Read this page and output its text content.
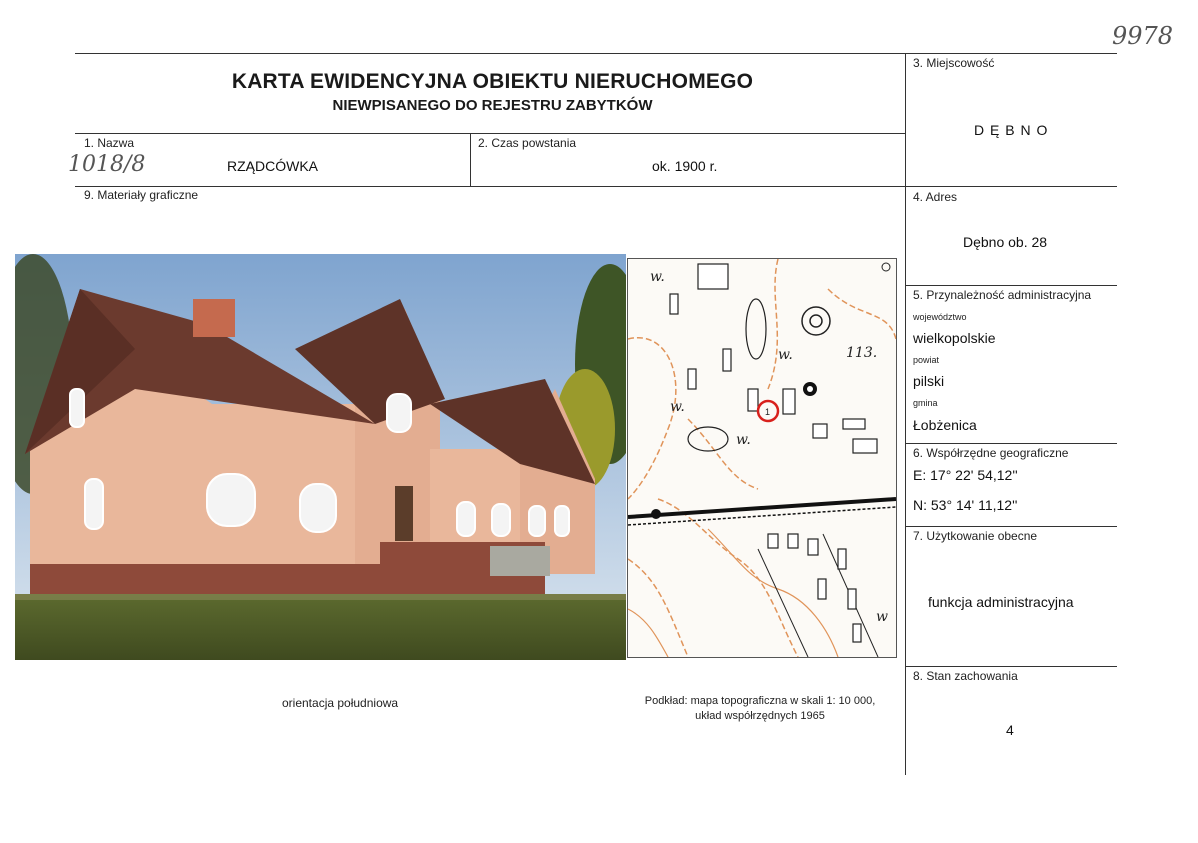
9978
1018/8
KARTA EWIDENCYJNA OBIEKTU NIERUCHOMEGO
NIEWPISANEGO DO REJESTRU ZABYTKÓW
1. Nazwa
RZĄDCÓWKA
2. Czas powstania
ok. 1900 r.
3. Miejscowość
D Ę B N O
4. Adres
Dębno ob. 28
5. Przynależność administracyjna
województwo
wielkopolskie
powiat
pilski
gmina
Łobżenica
6. Współrzędne geograficzne
E: 17° 22' 54,12''
N: 53° 14' 11,12''
7. Użytkowanie obecne
funkcja administracyjna
8. Stan zachowania
4
9. Materiały graficzne
1
w.
w.
w.
w.
w
113.
orientacja południowa	Podkład: mapa topograficzna w skali 1: 10 000,
układ współrzędnych 1965
